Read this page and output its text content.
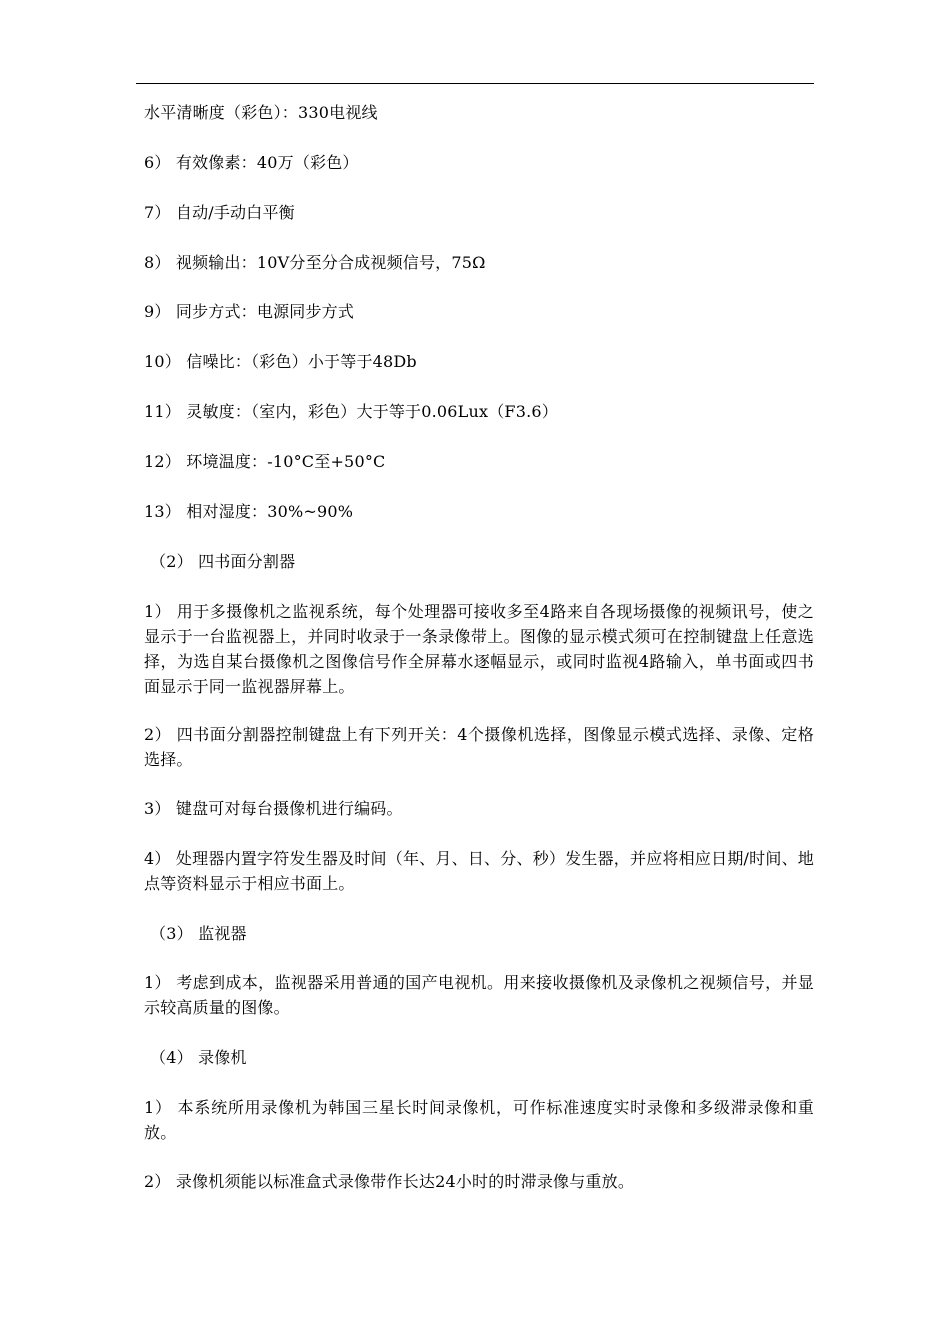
水平清晰度（彩色）：330电视线

6） 有效像素：40万（彩色）

7） 自动/手动白平衡

8） 视频输出：10V分至分合成视频信号，75Ω

9） 同步方式：电源同步方式

10） 信噪比：（彩色）小于等于48Db

11） 灵敏度：（室内，彩色）大于等于0.06Lux（F3.6）

12） 环境温度：-10°C至+50°C

13） 相对湿度：30%~90%

（2） 四书面分割器

1） 用于多摄像机之监视系统，每个处理器可接收多至4路来自各现场摄像的视频讯号，使之显示于一台监视器上，并同时收录于一条录像带上。图像的显示模式须可在控制键盘上任意选择，为选自某台摄像机之图像信号作全屏幕水逐幅显示，或同时监视4路输入，单书面或四书面显示于同一监视器屏幕上。

2） 四书面分割器控制键盘上有下列开关：4个摄像机选择，图像显示模式选择、录像、定格选择。

3） 键盘可对每台摄像机进行编码。

4） 处理器内置字符发生器及时间（年、月、日、分、秒）发生器，并应将相应日期/时间、地点等资料显示于相应书面上。

（3） 监视器

1） 考虑到成本，监视器采用普通的国产电视机。用来接收摄像机及录像机之视频信号，并显示较高质量的图像。

（4） 录像机

1） 本系统所用录像机为韩国三星长时间录像机，可作标准速度实时录像和多级滞录像和重放。

2） 录像机须能以标准盒式录像带作长达24小时的时滞录像与重放。
